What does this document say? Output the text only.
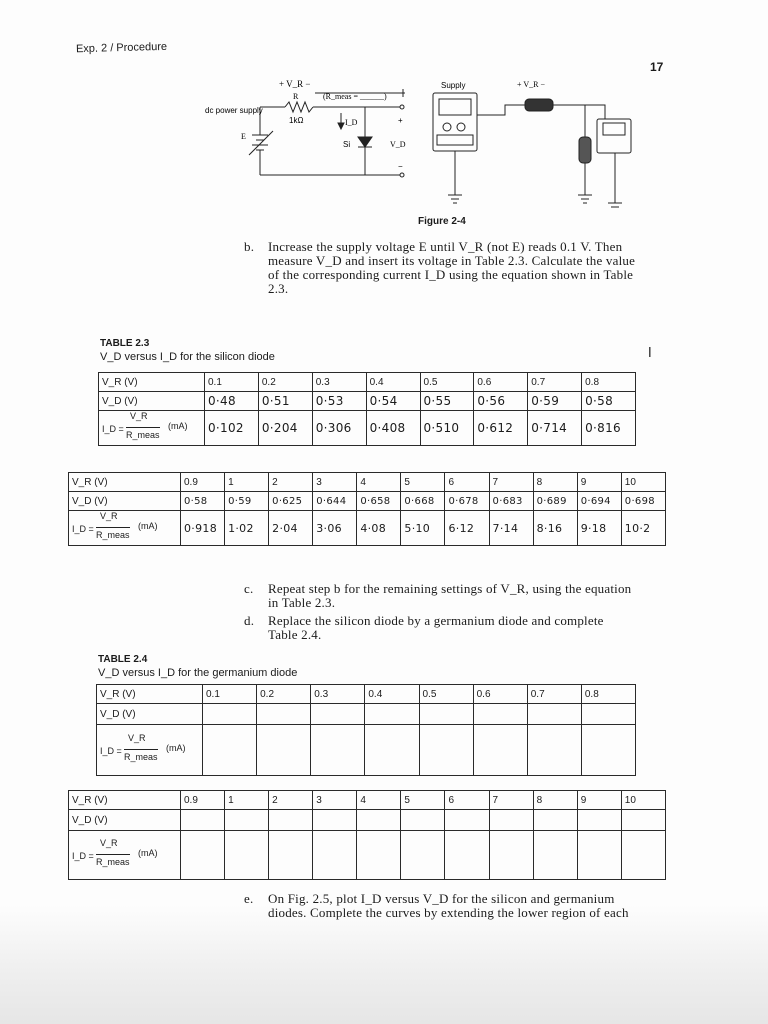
Exp. 2 / Procedure
17
+ V_R −
R	(R_meas = ______)
1kΩ
dc power supply
E
I_D
Si	V_D
+
−
Supply	+ V_R −
Figure 2-4
b. Increase the supply voltage E until V_R (not E) reads 0.1 V. Then
measure V_D and insert its voltage in Table 2.3. Calculate the value
of the corresponding current I_D using the equation shown in Table
2.3.
TABLE 2.3
V_D versus I_D for the silicon diode	ǀ
V_R (V)	0.1	0.2	0.3	0.4	0.5	0.6	0.7	0.8
V_D (V)	0·48	0·51	0·53	0·54	0·55	0·56	0·59	0·58

I_D =
V_R
R_meas
(mA)	0·102	0·204	0·306	0·408	0·510	0·612	0·714	0·816
V_R (V)	0.9	1	2	3	4	5	6	7	8	9	10
V_D (V)	0·58	0·59	0·625	0·644	0·658	0·668	0·678	0·683	0·689	0·694	0·698

I_D =
V_R
R_meas
(mA)	0·918	1·02	2·04	3·06	4·08	5·10	6·12	7·14	8·16	9·18	10·2
c. Repeat step b for the remaining settings of V_R, using the equation
in Table 2.3.
d. Replace the silicon diode by a germanium diode and complete
Table 2.4.
TABLE 2.4
V_D versus I_D for the germanium diode
V_R (V)	0.1	0.2	0.3	0.4	0.5	0.6	0.7	0.8
V_D (V)								

I_D =
V_R
R_meas
(mA)								

V_R (V)	0.9	1	2	3	4	5	6	7	8	9	10
V_D (V)											

I_D =
V_R
R_meas
(mA)											

e. On Fig. 2.5, plot I_D versus V_D for the silicon and germanium
diodes. Complete the curves by extending the lower region of each
